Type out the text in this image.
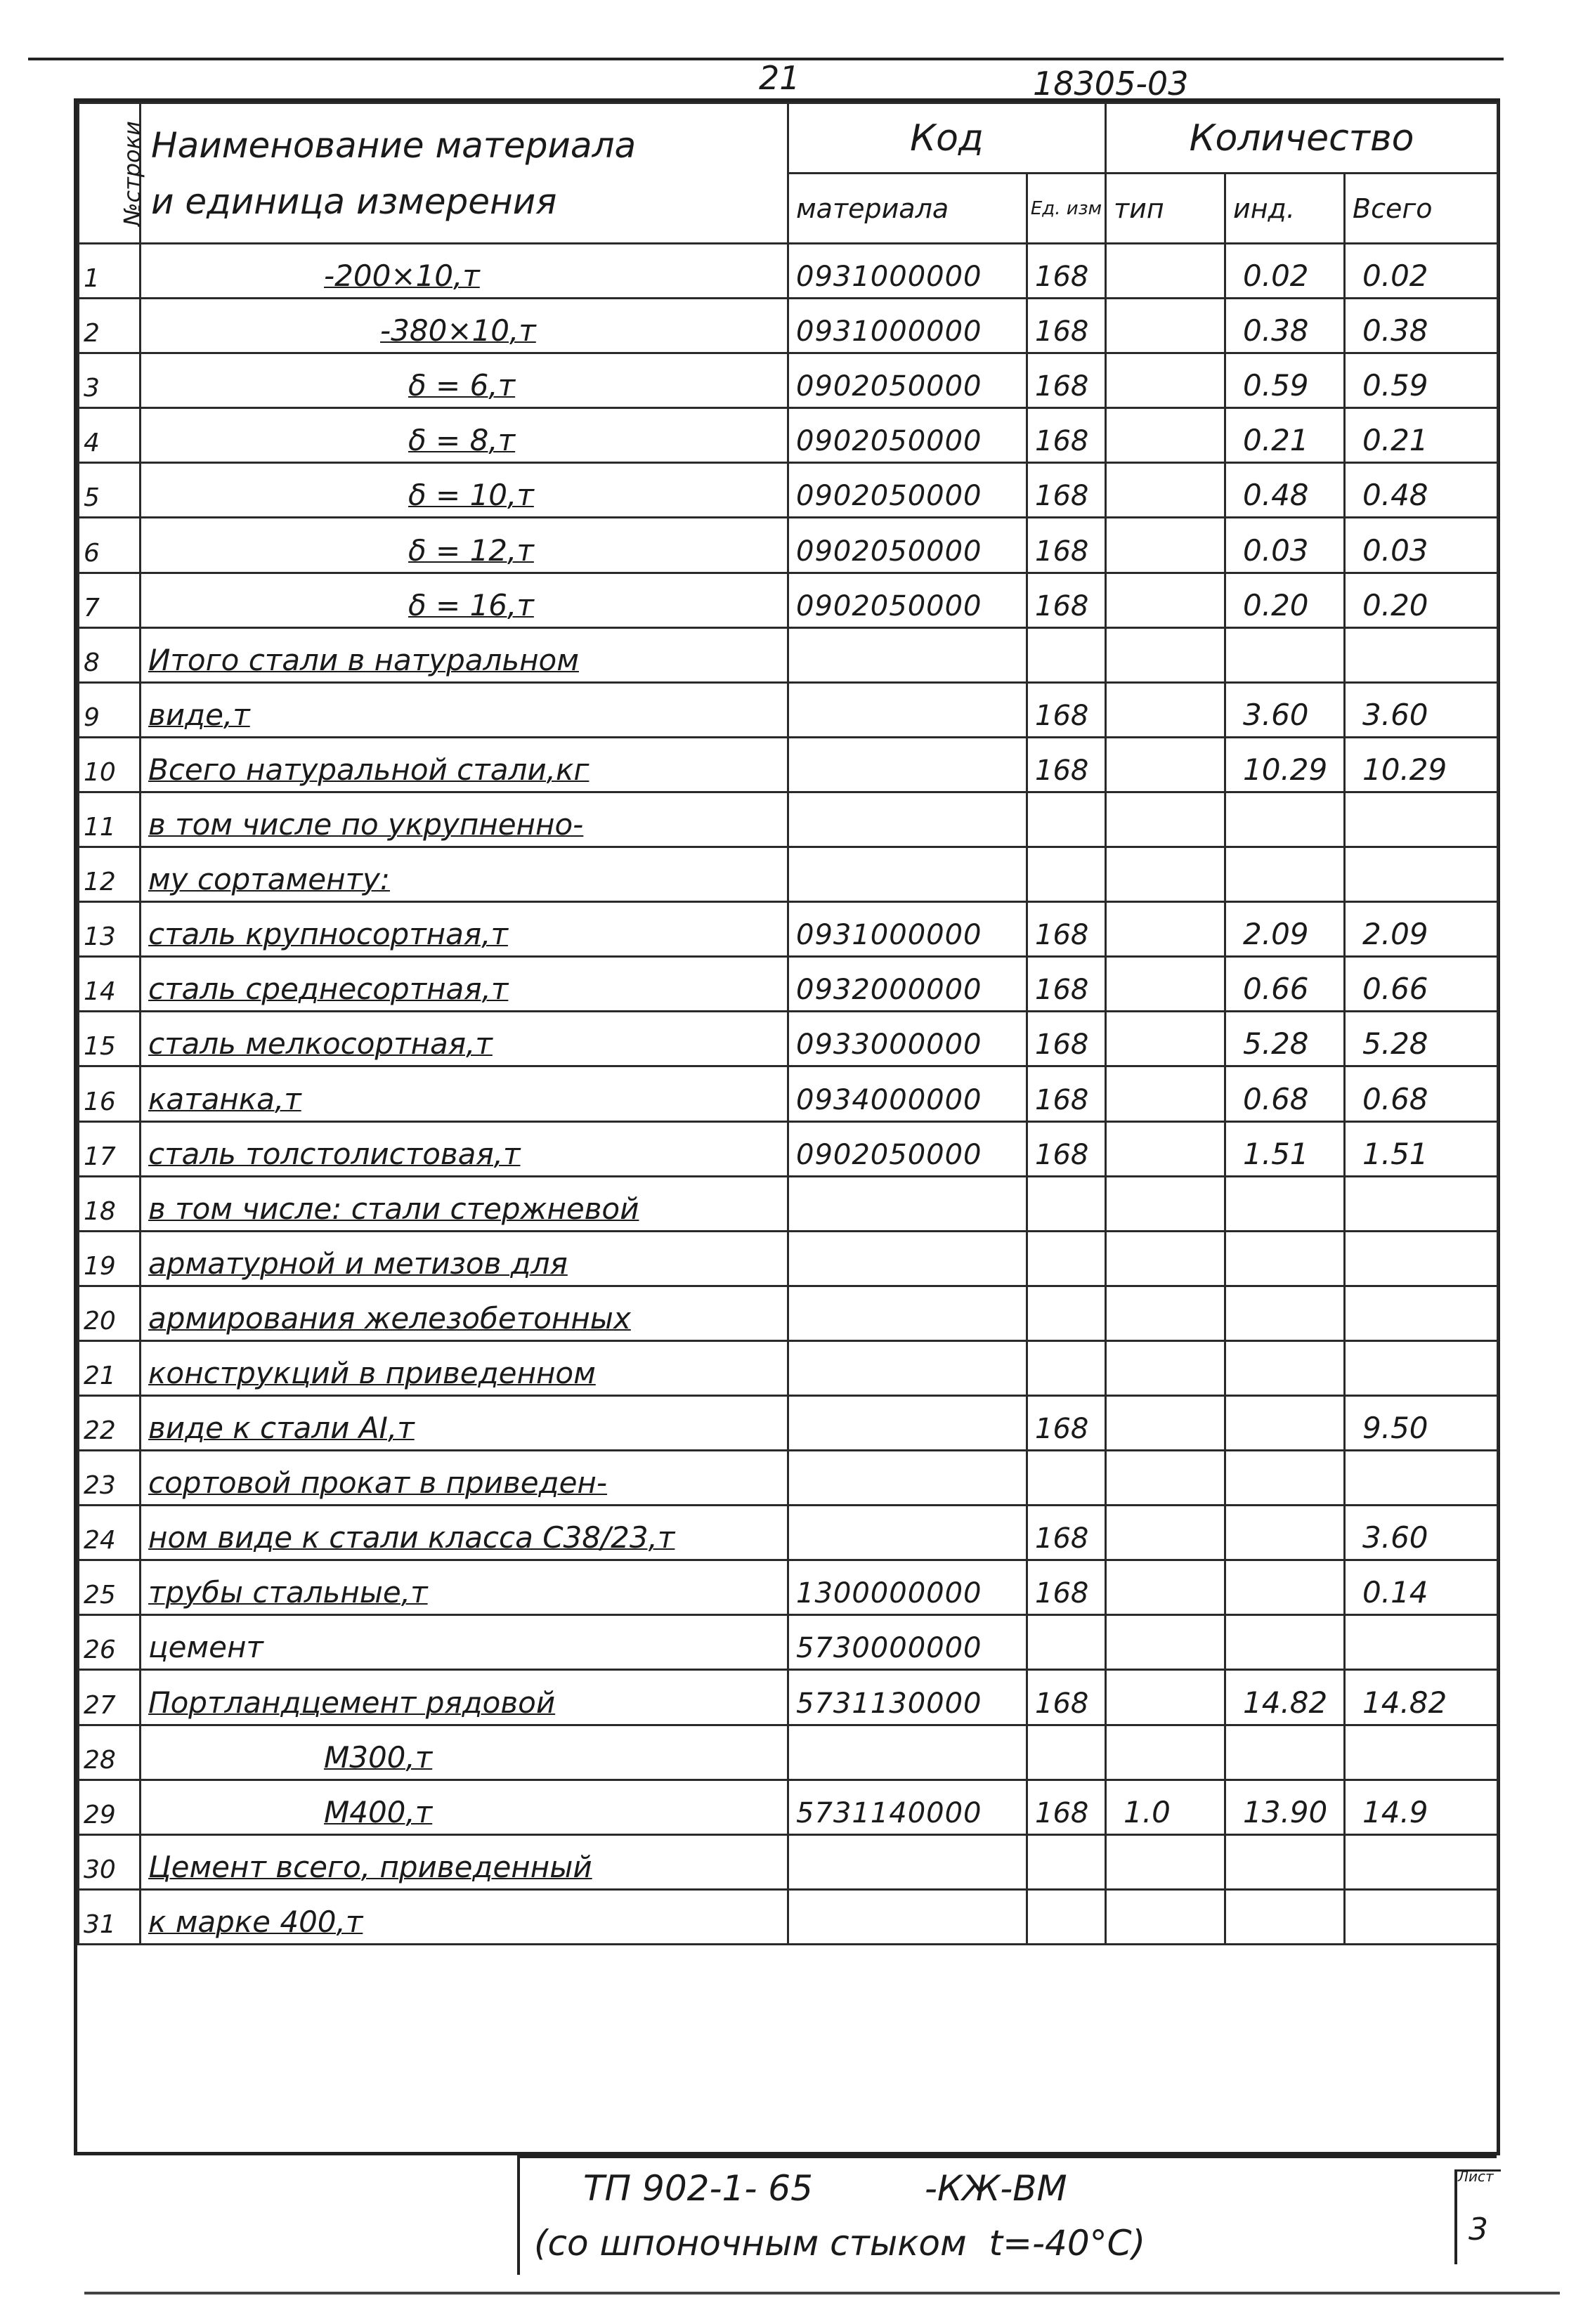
21	18305-03
№строки	Наименование материала
и единица измерения	Код		Количество		
		материала	Ед. изм	тип	инд.	Всего
1	-200×10,т	0931000000	168		0.02	0.02
2	-380×10,т	0931000000	168		0.38	0.38
3	δ = 6,т	0902050000	168		0.59	0.59
4	δ = 8,т	0902050000	168		0.21	0.21
5	δ = 10,т	0902050000	168		0.48	0.48
6	δ = 12,т	0902050000	168		0.03	0.03
7	δ = 16,т	0902050000	168		0.20	0.20
8	Итого стали в натуральном					
9	виде,т		168		3.60	3.60
10	Всего натуральной стали,кг		168		10.29	10.29
11	в том числе по укрупненно-					
12	му сортаменту:					
13	сталь крупносортная,т	0931000000	168		2.09	2.09
14	сталь среднесортная,т	0932000000	168		0.66	0.66
15	сталь мелкосортная,т	0933000000	168		5.28	5.28
16	катанка,т	0934000000	168		0.68	0.68
17	сталь толстолистовая,т	0902050000	168		1.51	1.51
18	в том числе: стали стержневой					
19	арматурной и метизов для					
20	армирования железобетонных					
21	конструкций в приведенном					
22	виде к стали АI,т		168			9.50
23	сортовой прокат в приведен-					
24	ном виде к стали класса С38/23,т		168			3.60
25	трубы стальные,т	1300000000	168			0.14
26	цемент	5730000000				
27	Портландцемент рядовой	5731130000	168		14.82	14.82
28	М300,т					
29	М400,т	5731140000	168	1.0	13.90	14.9
30	Цемент всего, приведенный					
31	к марке 400,т					
ТП 902-1- 65          -КЖ-ВМ
(со шпоночным стыком  t=-40°C)
Лист
3
